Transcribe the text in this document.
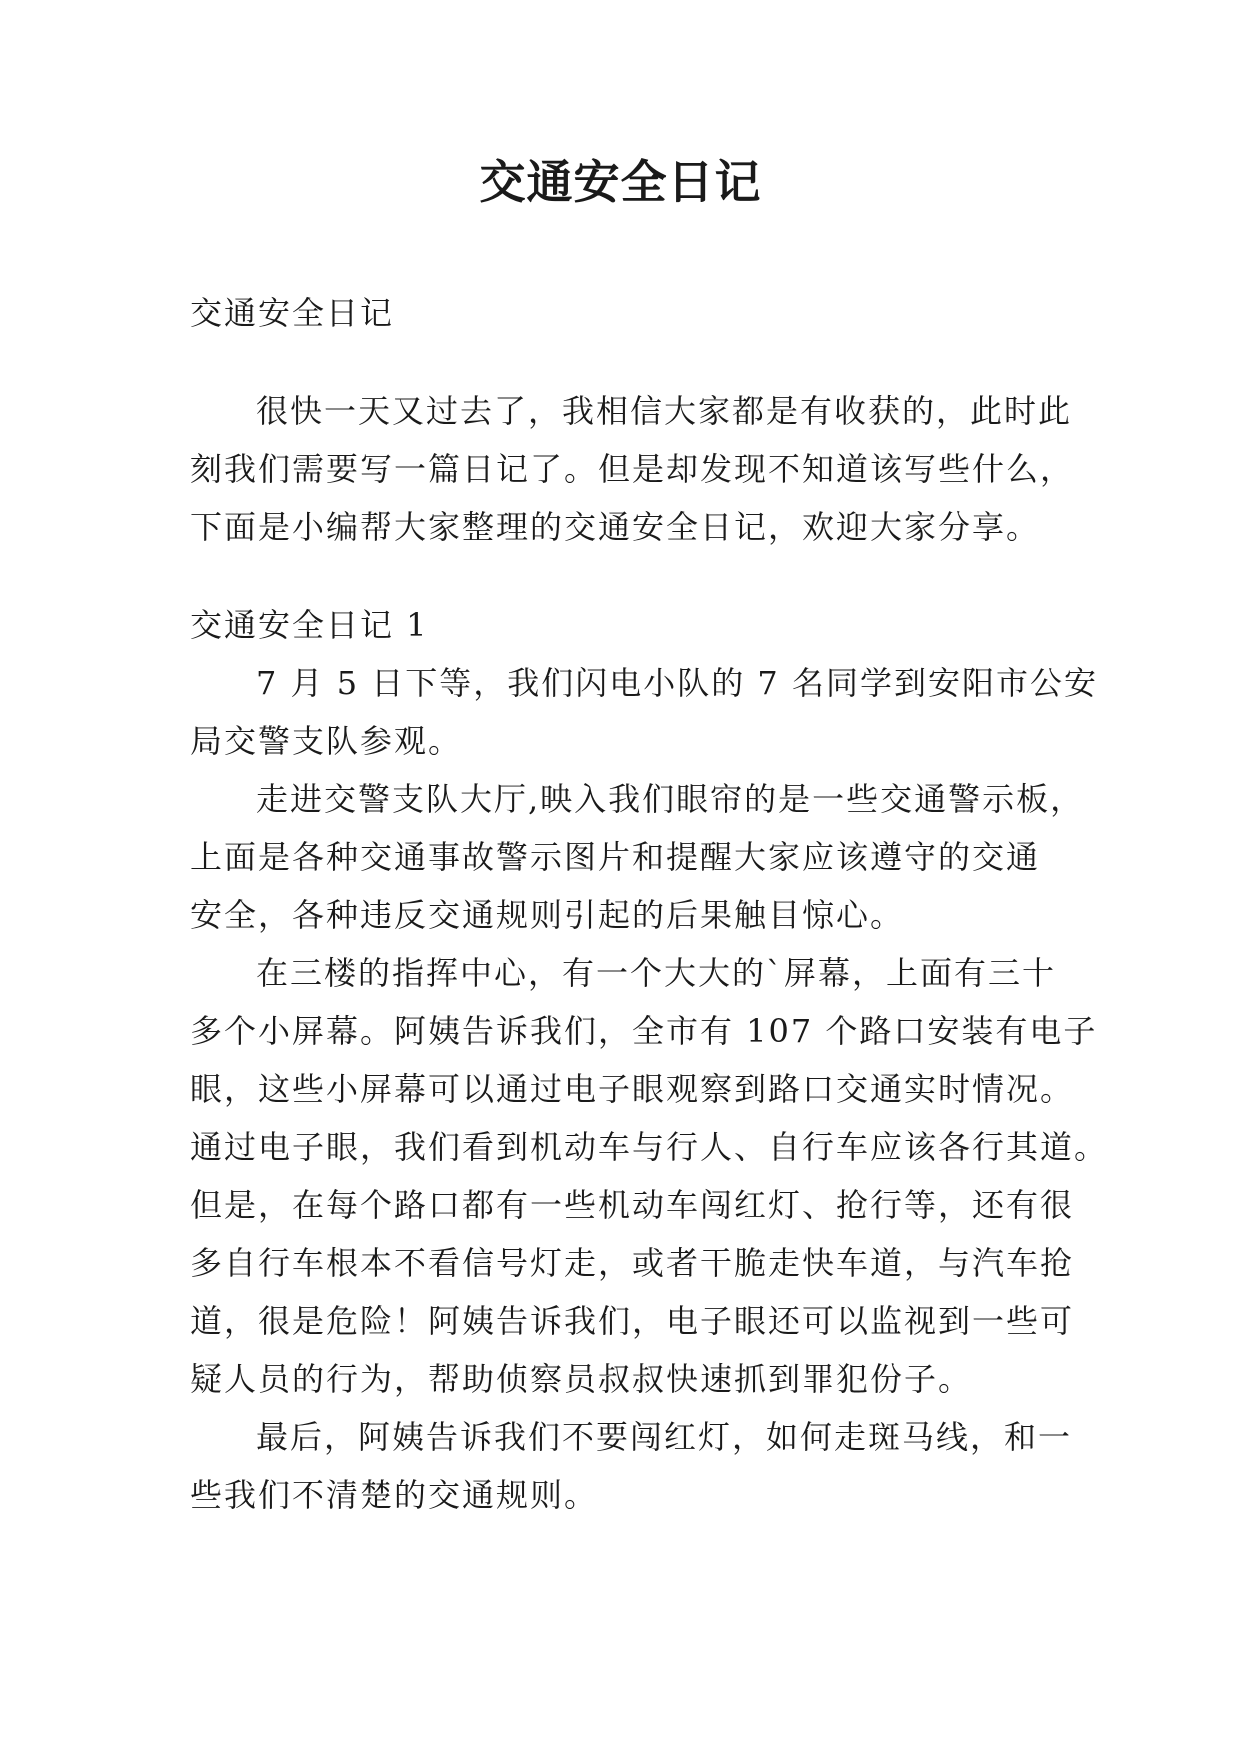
交通安全日记
交通安全日记
很快一天又过去了，我相信大家都是有收获的，此时此
刻我们需要写一篇日记了。但是却发现不知道该写些什么，
下面是小编帮大家整理的交通安全日记，欢迎大家分享。
交通安全日记 1
7 月 5 日下等，我们闪电小队的 7 名同学到安阳市公安
局交警支队参观。
走进交警支队大厅,映入我们眼帘的是一些交通警示板，
上面是各种交通事故警示图片和提醒大家应该遵守的交通
安全，各种违反交通规则引起的后果触目惊心。
在三楼的指挥中心，有一个大大的`屏幕，上面有三十
多个小屏幕。阿姨告诉我们，全市有 107 个路口安装有电子
眼，这些小屏幕可以通过电子眼观察到路口交通实时情况。
通过电子眼，我们看到机动车与行人、自行车应该各行其道。
但是，在每个路口都有一些机动车闯红灯、抢行等，还有很
多自行车根本不看信号灯走，或者干脆走快车道，与汽车抢
道，很是危险！阿姨告诉我们，电子眼还可以监视到一些可
疑人员的行为，帮助侦察员叔叔快速抓到罪犯份子。
最后，阿姨告诉我们不要闯红灯，如何走斑马线，和一
些我们不清楚的交通规则。
